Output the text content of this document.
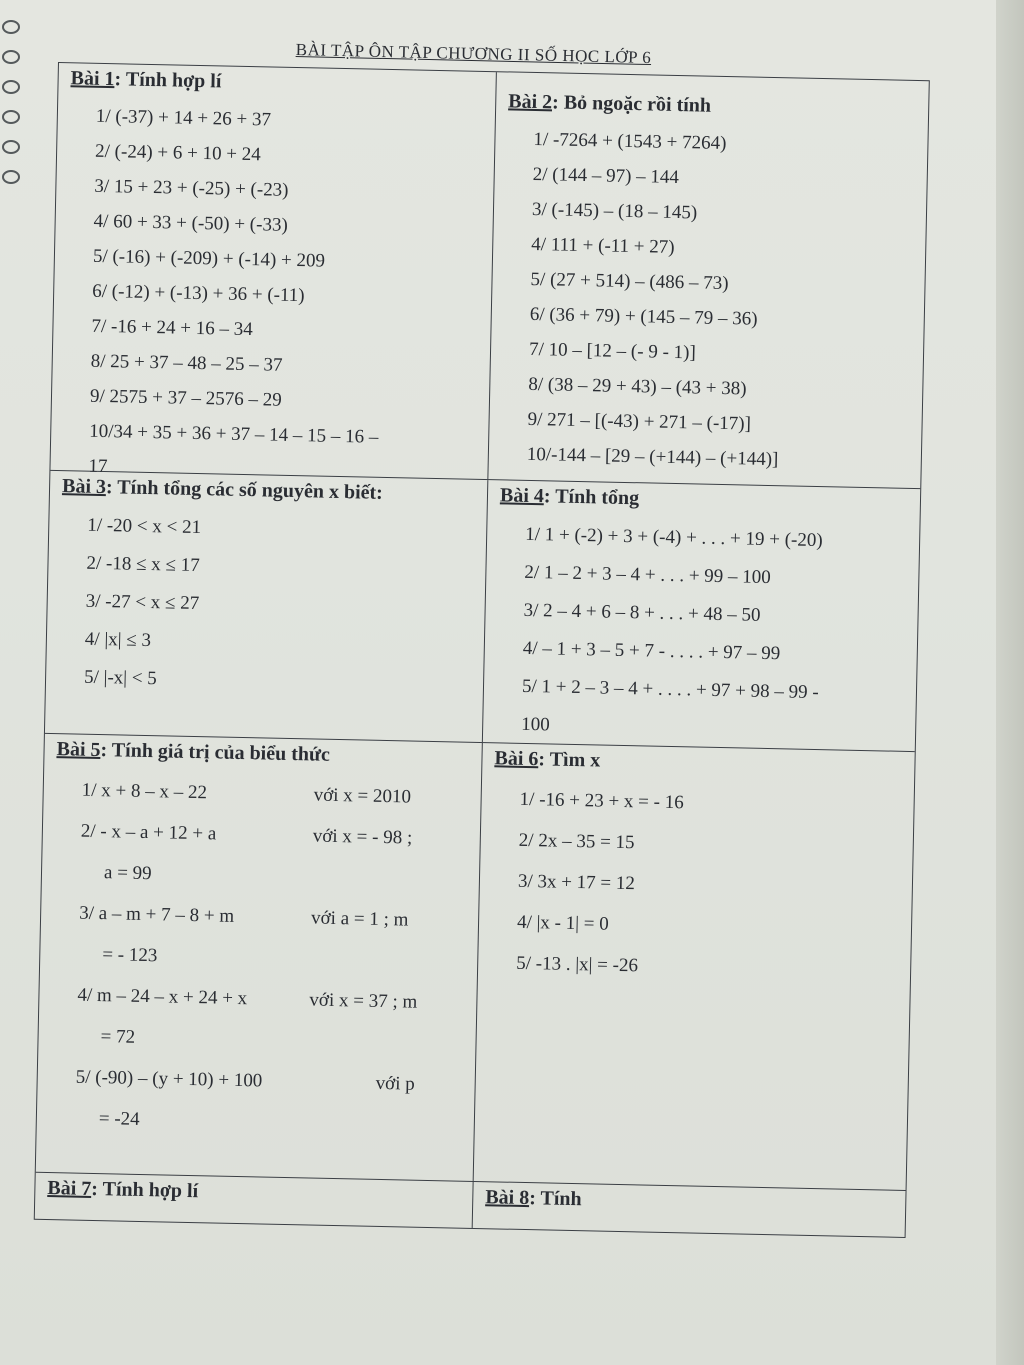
BÀI TẬP ÔN TẬP CHƯƠNG II SỐ HỌC LỚP 6
Bài 1: Tính hợp lí
1/ (-37) + 14 + 26 + 37
2/ (-24) + 6 + 10 + 24
3/ 15 + 23 + (-25) + (-23)
4/ 60 + 33 + (-50) + (-33)
5/ (-16) + (-209) + (-14) + 209
6/ (-12) + (-13) + 36 + (-11)
7/ -16 + 24 + 16 – 34
8/ 25 + 37 – 48 – 25 – 37
9/ 2575 + 37 – 2576 – 29
10/34 + 35 + 36 + 37 – 14 – 15 – 16 –
17
Bài 2: Bỏ ngoặc rồi tính
1/ -7264 + (1543 + 7264)
2/ (144 – 97) – 144
3/ (-145) – (18 – 145)
4/ 111 + (-11 + 27)
5/ (27 + 514) – (486 – 73)
6/ (36 + 79) + (145 – 79 – 36)
7/ 10 – [12 – (- 9 - 1)]
8/ (38 – 29 + 43) – (43 + 38)
9/ 271 – [(-43) + 271 – (-17)]
10/-144 – [29 – (+144) – (+144)]
Bài 3: Tính tổng các số nguyên x biết:
1/ -20 < x < 21
2/ -18 ≤ x ≤ 17
3/ -27 < x ≤ 27
4/ |x| ≤ 3
5/ |-x| < 5
Bài 4: Tính tổng
1/ 1 + (-2) + 3 + (-4) + . . . + 19 + (-20)
2/ 1 – 2 + 3 – 4 + . . . + 99 – 100
3/ 2 – 4 + 6 – 8 + . . . + 48 – 50
4/ – 1 + 3 – 5 + 7 - . . . . + 97 – 99
5/ 1 + 2 – 3 – 4 + . . . . + 97 + 98 – 99 -
100
Bài 5: Tính giá trị của biểu thức
1/ x + 8 – x – 22	với x = 2010
2/ - x – a + 12 + a	với x = - 98 ;
a = 99
3/ a – m + 7 – 8 + m	với a = 1 ; m
= - 123
4/ m – 24 – x + 24 + x	với x = 37 ; m
= 72
5/ (-90) – (y + 10) + 100	với p
= -24
Bài 6: Tìm x
1/ -16 + 23 + x = - 16
2/ 2x – 35 = 15
3/ 3x + 17 = 12
4/ |x - 1| = 0
5/ -13 . |x| = -26
Bài 7: Tính hợp lí	Bài 8: Tính
